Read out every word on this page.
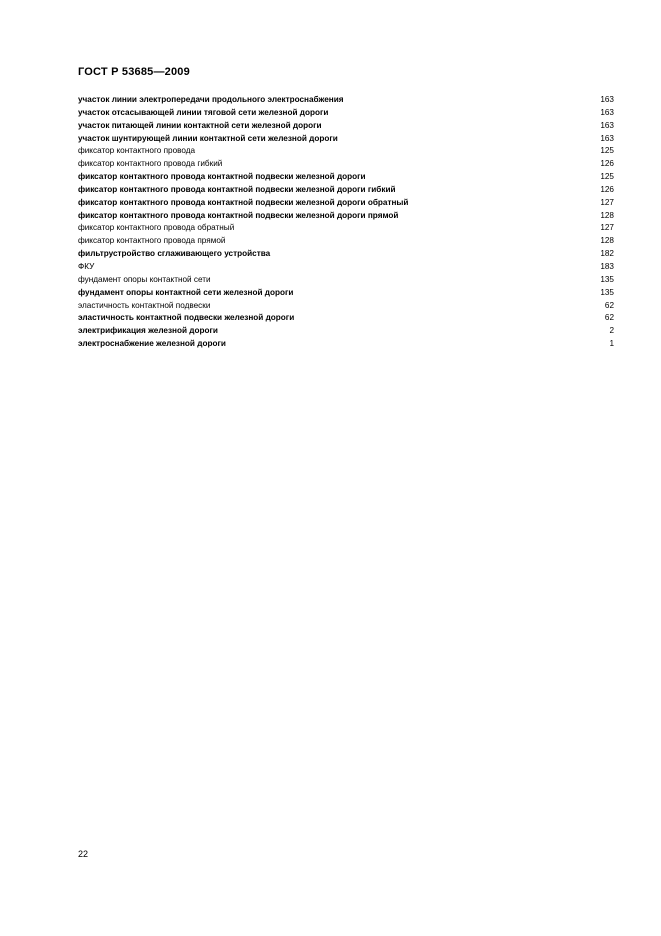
ГОСТ Р 53685—2009
участок линии электропередачи продольного электроснабжения	163
участок отсасывающей линии тяговой сети железной дороги	163
участок питающей линии контактной сети железной дороги	163
участок шунтирующей линии контактной сети железной дороги	163
фиксатор контактного провода	125
фиксатор контактного провода гибкий	126
фиксатор контактного провода контактной подвески железной дороги	125
фиксатор контактного провода контактной подвески железной дороги гибкий	126
фиксатор контактного провода контактной подвески железной дороги обратный	127
фиксатор контактного провода контактной подвески железной дороги прямой	128
фиксатор контактного провода обратный	127
фиксатор контактного провода прямой	128
фильтрустройство сглаживающего устройства	182
ФКУ	183
фундамент опоры контактной сети	135
фундамент опоры контактной сети железной дороги	135
эластичность контактной подвески	62
эластичность контактной подвески железной дороги	62
электрификация железной дороги	2
электроснабжение железной дороги	1
22
